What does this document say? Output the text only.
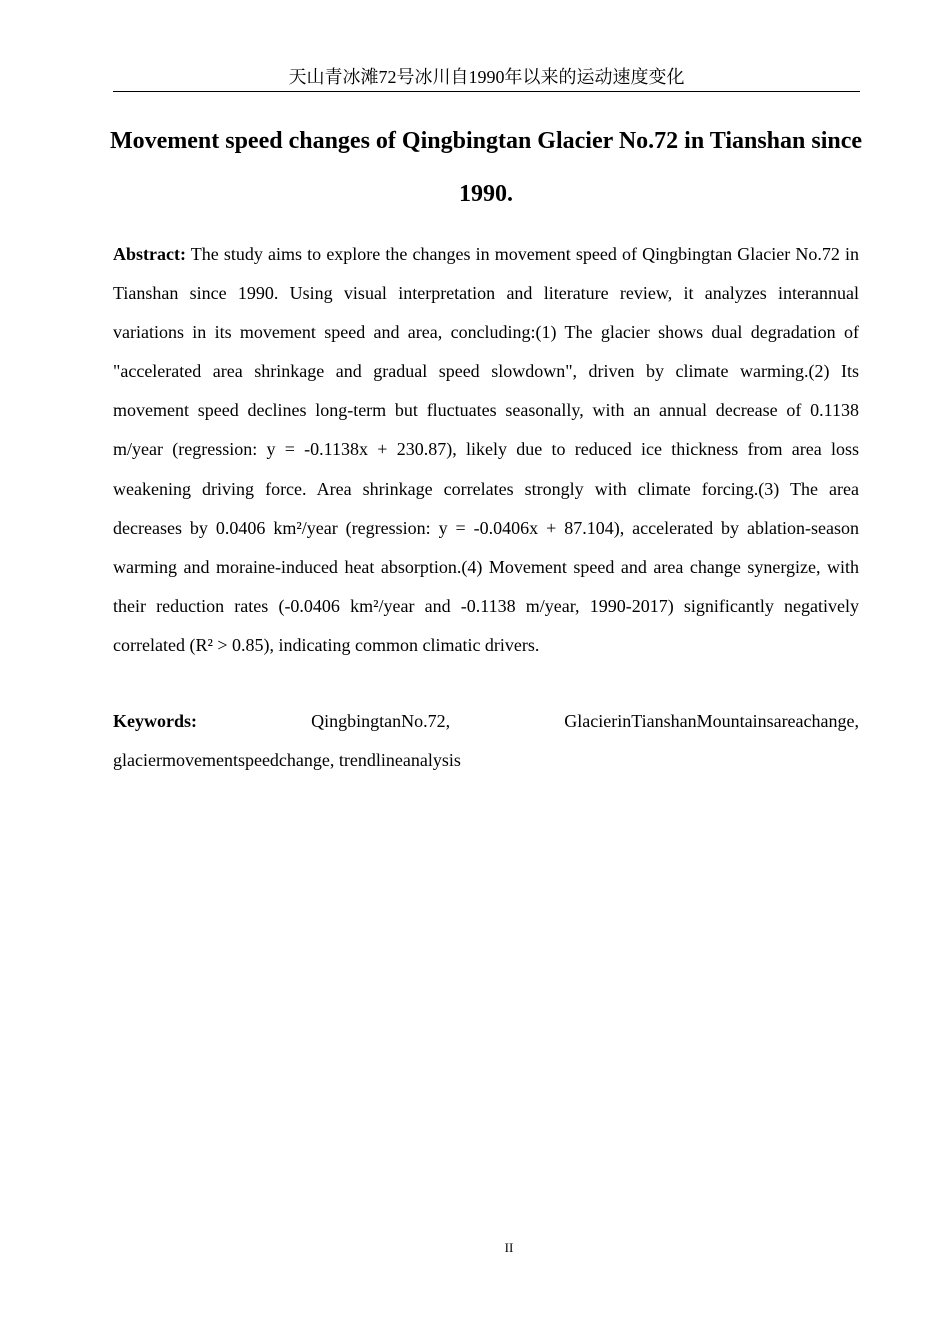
天山青冰滩72号冰川自1990年以来的运动速度变化
Movement speed changes of Qingbingtan Glacier No.72 in Tianshan since 1990.

Abstract: The study aims to explore the changes in movement speed of Qingbingtan Glacier No.72 in Tianshan since 1990. Using visual interpretation and literature review, it analyzes interannual variations in its movement speed and area, concluding:(1) The glacier shows dual degradation of "accelerated area shrinkage and gradual speed slowdown", driven by climate warming.(2) Its movement speed declines long-term but fluctuates seasonally, with an annual decrease of 0.1138 m/year (regression: y = -0.1138x + 230.87), likely due to reduced ice thickness from area loss weakening driving force. Area shrinkage correlates strongly with climate forcing.(3) The area decreases by 0.0406 km²/year (regression: y = -0.0406x + 87.104), accelerated by ablation-season warming and moraine-induced heat absorption.(4) Movement speed and area change synergize, with their reduction rates (-0.0406 km²/year and -0.1138 m/year, 1990-2017) significantly negatively correlated (R² > 0.85), indicating common climatic drivers.

Keywords:	QingbingtanNo.72, GlacierinTianshanMountainsareachange, glaciermovementspeedchange, trendlineanalysis

II
